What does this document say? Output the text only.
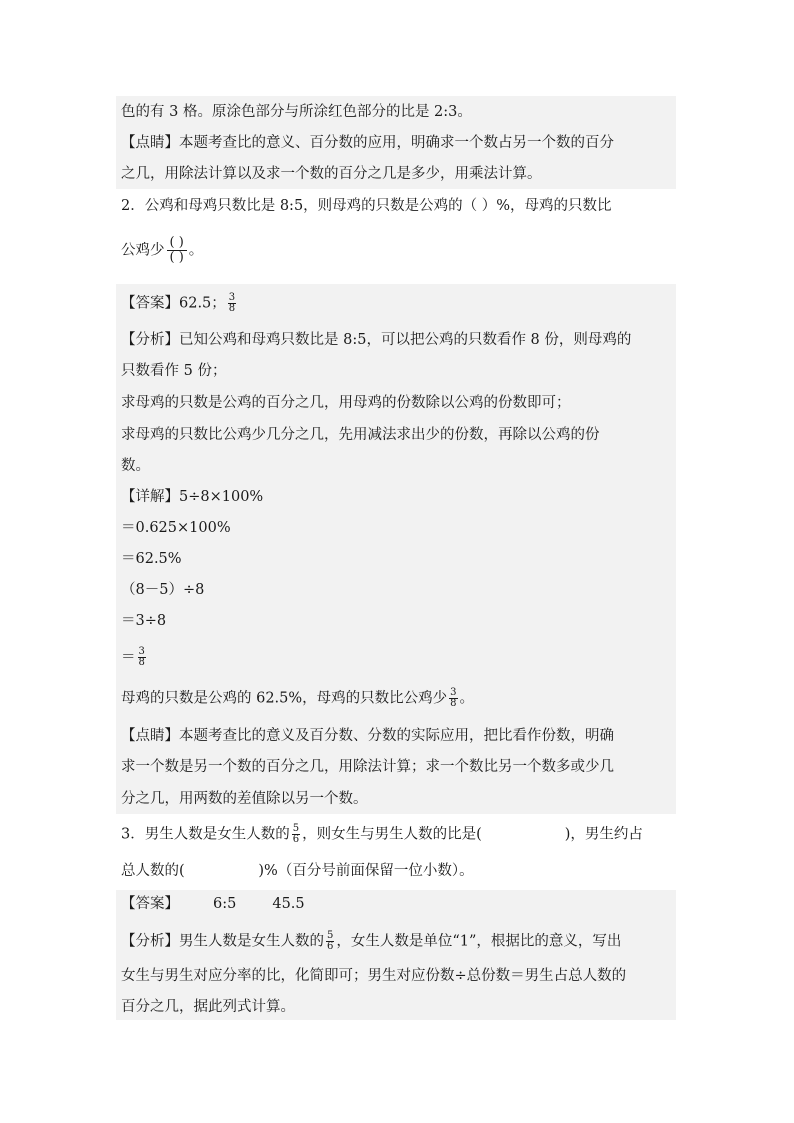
色的有 3 格。原涂色部分与所涂红色部分的比是 2:3。
【点睛】本题考查比的意义、百分数的应用，明确求一个数占另一个数的百分
之几，用除法计算以及求一个数的百分之几是多少，用乘法计算。
2．公鸡和母鸡只数比是 8:5，则母鸡的只数是公鸡的（ ）%，母鸡的只数比
公鸡少 $\frac{( )}{( )}$ 。
【答案】62.5； $\frac{3}{8}$
【分析】已知公鸡和母鸡只数比是 8:5，可以把公鸡的只数看作 8 份，则母鸡的
只数看作 5 份；
求母鸡的只数是公鸡的百分之几，用母鸡的份数除以公鸡的份数即可；
求母鸡的只数比公鸡少几分之几，先用减法求出少的份数，再除以公鸡的份
数。
【详解】5÷8×100%
＝0.625×100%
＝62.5%
（8－5）÷8
＝3÷8
＝ $\frac{3}{8}$
母鸡的只数是公鸡的 62.5%，母鸡的只数比公鸡少 $\frac{3}{8}$ 。
【点睛】本题考查比的意义及百分数、分数的实际应用，把比看作份数，明确
求一个数是另一个数的百分之几，用除法计算；求一个数比另一个数多或少几
分之几，用两数的差值除以另一个数。
3．男生人数是女生人数的 $\frac{5}{6}$ ，则女生与男生人数的比是(                  )，男生约占
总人数的(                )%（百分号前面保留一位小数）。
【答案】 6:5 45.5
【分析】男生人数是女生人数的 $\frac{5}{6}$ ，女生人数是单位“1”，根据比的意义，写出
女生与男生对应分率的比，化简即可；男生对应份数÷总份数＝男生占总人数的
百分之几，据此列式计算。
